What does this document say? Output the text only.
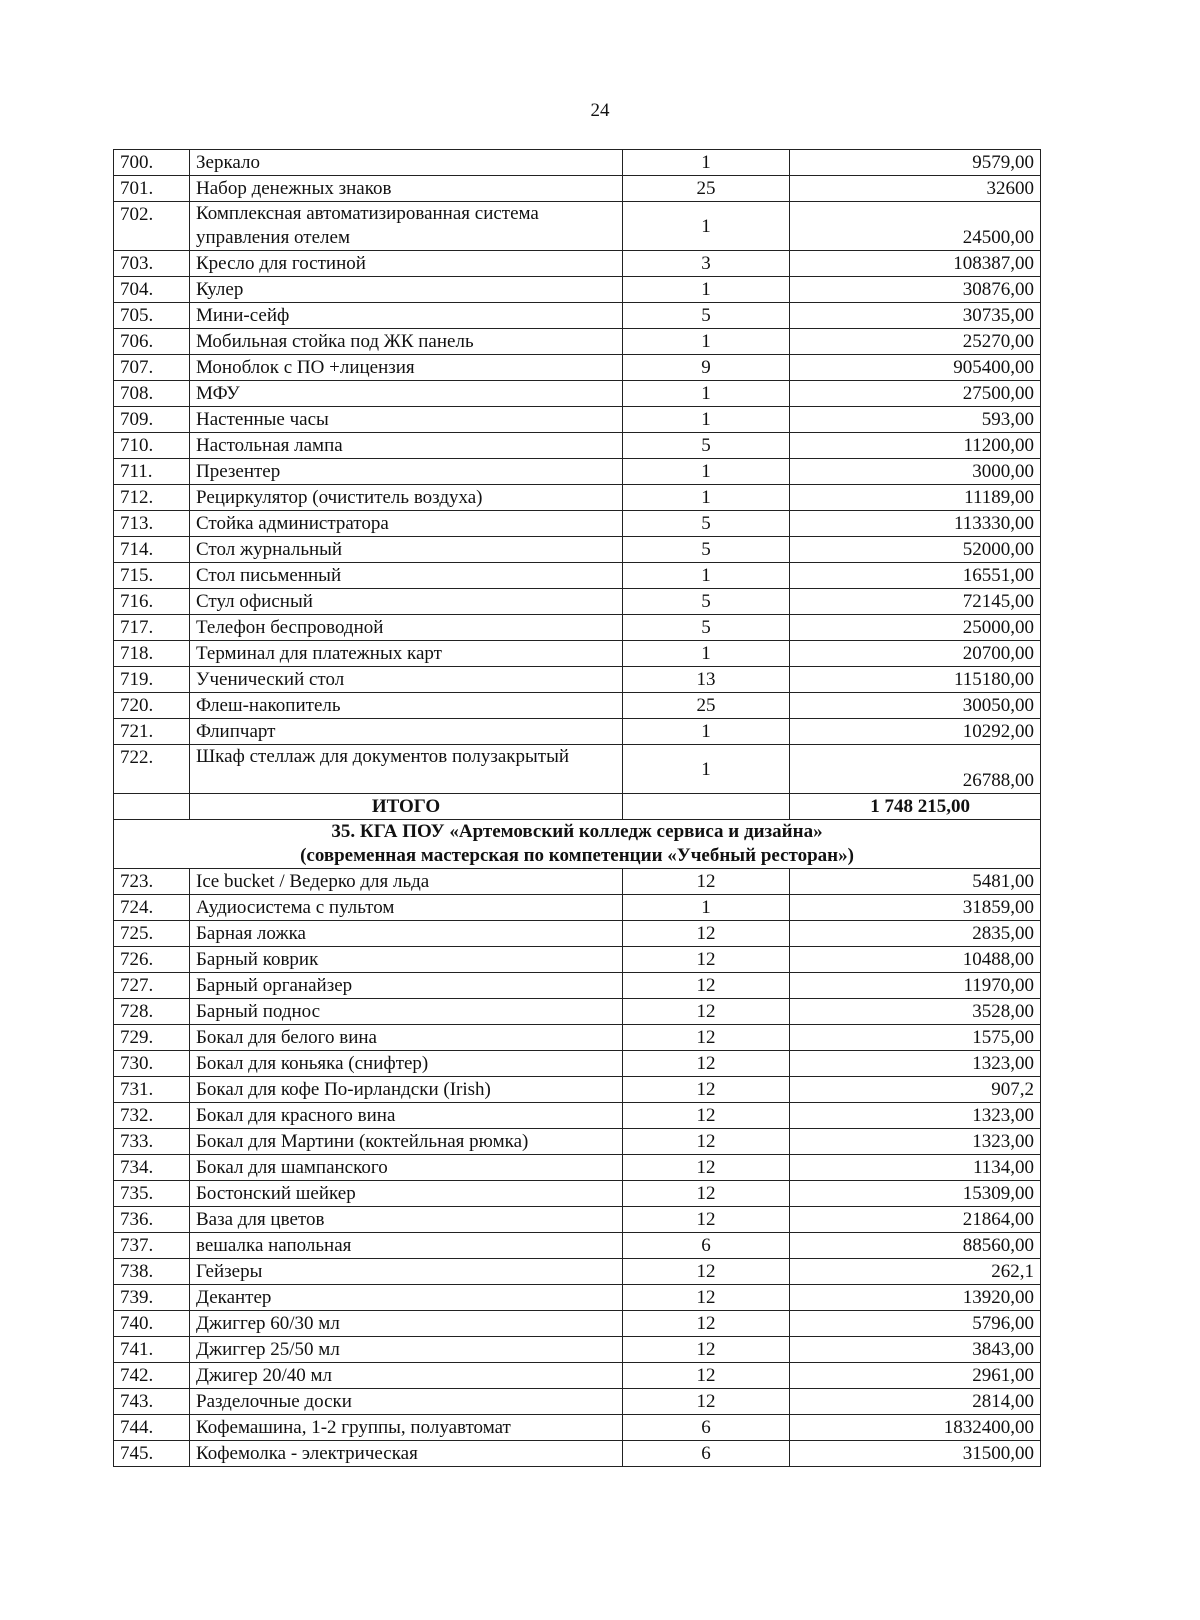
24
700.	Зеркало	1	9579,00
701.	Набор денежных знаков	25	32600
702.	Комплексная автоматизированная система управления отелем	1	24500,00
703.	Кресло для гостиной	3	108387,00
704.	Кулер	1	30876,00
705.	Мини-сейф	5	30735,00
706.	Мобильная стойка под ЖК панель	1	25270,00
707.	Моноблок с ПО +лицензия	9	905400,00
708.	МФУ	1	27500,00
709.	Настенные часы	1	593,00
710.	Настольная лампа	5	11200,00
711.	Презентер	1	3000,00
712.	Рециркулятор (очиститель воздуха)	1	11189,00
713.	Стойка администратора	5	113330,00
714.	Стол журнальный	5	52000,00
715.	Стол письменный	1	16551,00
716.	Стул офисный	5	72145,00
717.	Телефон беспроводной	5	25000,00
718.	Терминал для платежных карт	1	20700,00
719.	Ученический стол	13	115180,00
720.	Флеш-накопитель	25	30050,00
721.	Флипчарт	1	10292,00
722.	Шкаф стеллаж для документов полузакрытый	1	26788,00
	ИТОГО		1 748 215,00

35. КГА ПОУ «Артемовский колледж сервиса и дизайна»
(современная мастерская по компетенции «Учебный ресторан»)			

723.	Ice bucket / Ведерко для льда	12	5481,00
724.	Аудиосистема с пультом	1	31859,00
725.	Барная ложка	12	2835,00
726.	Барный коврик	12	10488,00
727.	Барный органайзер	12	11970,00
728.	Барный поднос	12	3528,00
729.	Бокал для белого вина	12	1575,00
730.	Бокал для коньяка (снифтер)	12	1323,00
731.	Бокал для кофе По-ирландски (Irish)	12	907,2
732.	Бокал для красного вина	12	1323,00
733.	Бокал для Мартини (коктейльная рюмка)	12	1323,00
734.	Бокал для шампанского	12	1134,00
735.	Бостонский шейкер	12	15309,00
736.	Ваза для цветов	12	21864,00
737.	вешалка напольная	6	88560,00
738.	Гейзеры	12	262,1
739.	Декантер	12	13920,00
740.	Джиггер 60/30 мл	12	5796,00
741.	Джиггер 25/50 мл	12	3843,00
742.	Джигер 20/40 мл	12	2961,00
743.	Разделочные доски	12	2814,00
744.	Кофемашина, 1-2 группы, полуавтомат	6	1832400,00
745.	Кофемолка - электрическая	6	31500,00
